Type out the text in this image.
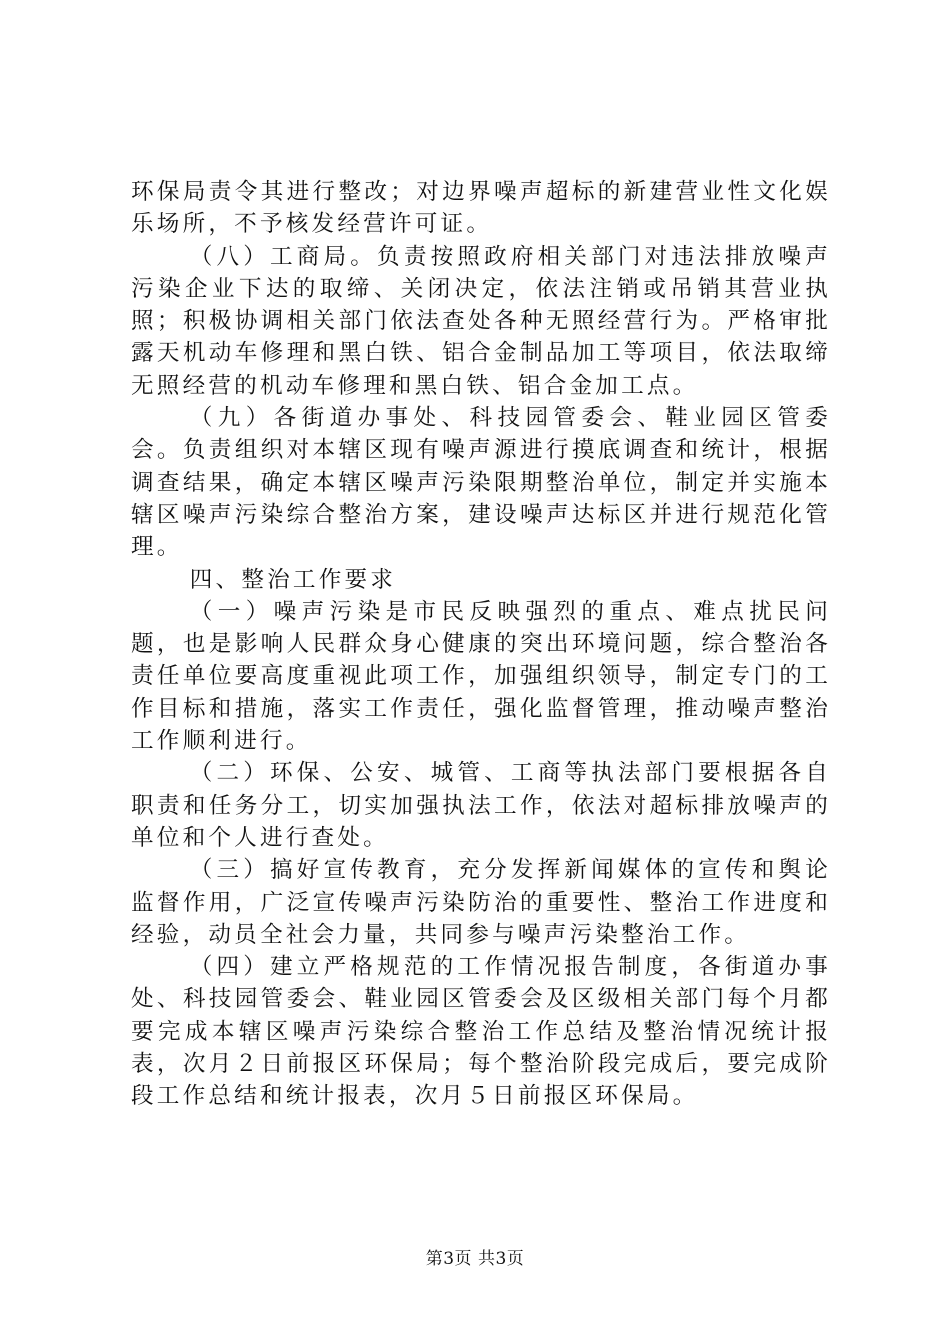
环保局责令其进行整改；对边界噪声超标的新建营业性文化娱乐场所，不予核发经营许可证。

（八）工商局。负责按照政府相关部门对违法排放噪声污染企业下达的取缔、关闭决定，依法注销或吊销其营业执照；积极协调相关部门依法查处各种无照经营行为。严格审批露天机动车修理和黑白铁、铝合金制品加工等项目，依法取缔无照经营的机动车修理和黑白铁、铝合金加工点。

（九）各街道办事处、科技园管委会、鞋业园区管委会。负责组织对本辖区现有噪声源进行摸底调查和统计，根据调查结果，确定本辖区噪声污染限期整治单位，制定并实施本辖区噪声污染综合整治方案，建设噪声达标区并进行规范化管理。

四、整治工作要求

（一）噪声污染是市民反映强烈的重点、难点扰民问题，也是影响人民群众身心健康的突出环境问题，综合整治各责任单位要高度重视此项工作，加强组织领导，制定专门的工作目标和措施，落实工作责任，强化监督管理，推动噪声整治工作顺利进行。

（二）环保、公安、城管、工商等执法部门要根据各自职责和任务分工，切实加强执法工作，依法对超标排放噪声的单位和个人进行查处。

（三）搞好宣传教育，充分发挥新闻媒体的宣传和舆论监督作用，广泛宣传噪声污染防治的重要性、整治工作进度和经验，动员全社会力量，共同参与噪声污染整治工作。

（四）建立严格规范的工作情况报告制度，各街道办事处、科技园管委会、鞋业园区管委会及区级相关部门每个月都要完成本辖区噪声污染综合整治工作总结及整治情况统计报表，次月２日前报区环保局；每个整治阶段完成后，要完成阶段工作总结和统计报表，次月５日前报区环保局。

第3页 共3页
